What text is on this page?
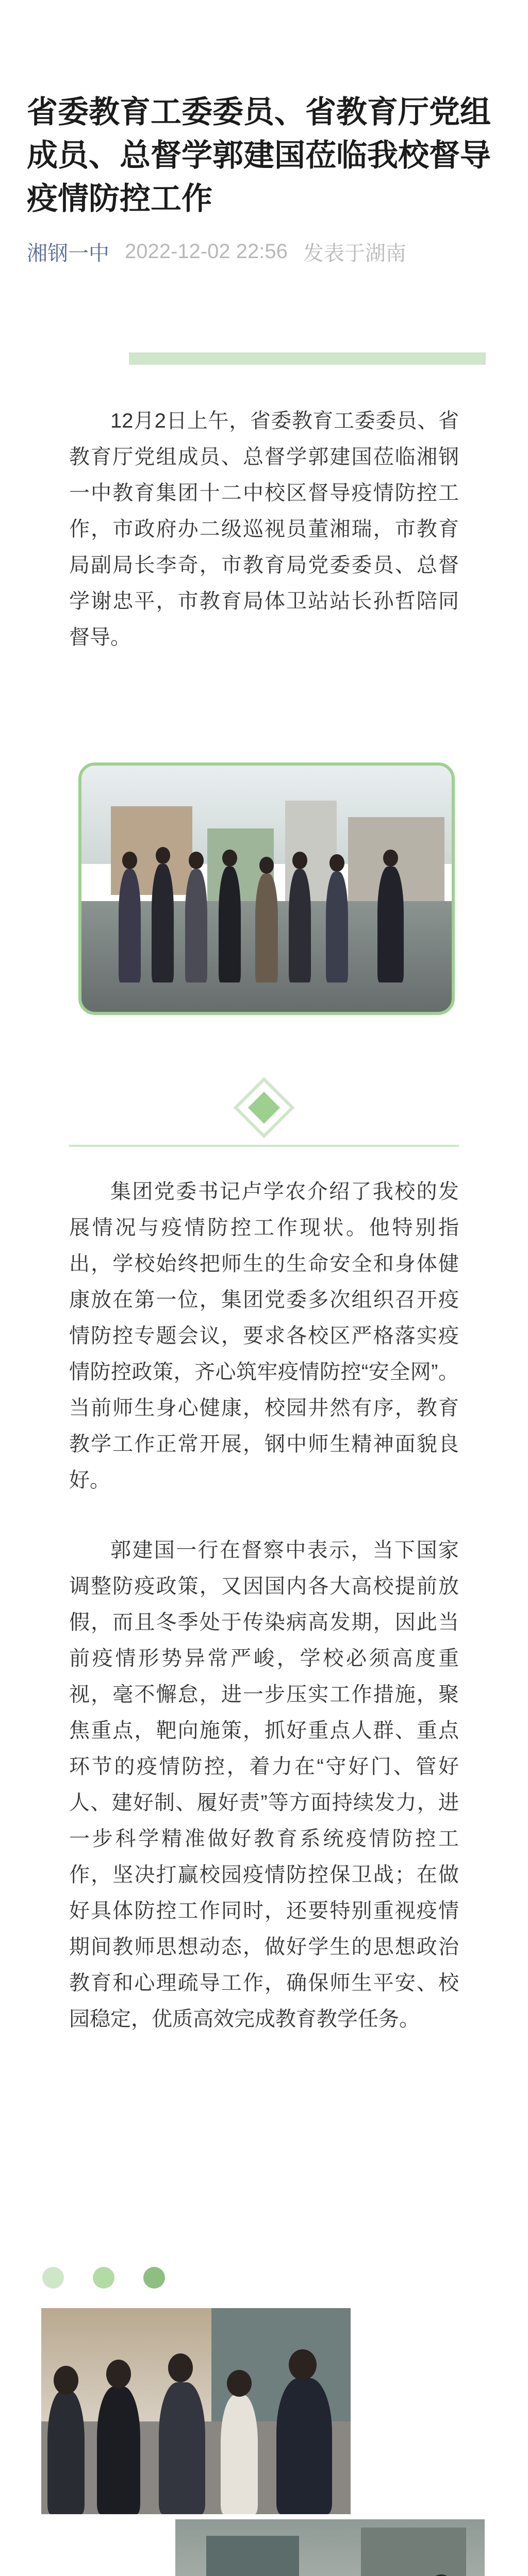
省委教育工委委员、省教育厅党组成员、总督学郭建国莅临我校督导疫情防控工作
湘钢一中 2022-12-02 22:56 发表于湖南

12月2日上午，省委教育工委委员、省教育厅党组成员、总督学郭建国莅临湘钢一中教育集团十二中校区督导疫情防控工作，市政府办二级巡视员董湘瑞，市教育局副局长李奇，市教育局党委委员、总督学谢忠平，市教育局体卫站站长孙哲陪同督导。

集团党委书记卢学农介绍了我校的发展情况与疫情防控工作现状。他特别指出，学校始终把师生的生命安全和身体健康放在第一位，集团党委多次组织召开疫情防控专题会议，要求各校区严格落实疫情防控政策，齐心筑牢疫情防控“安全网”。当前师生身心健康，校园井然有序，教育教学工作正常开展，钢中师生精神面貌良好。

郭建国一行在督察中表示，当下国家调整防疫政策，又因国内各大高校提前放假，而且冬季处于传染病高发期，因此当前疫情形势异常严峻，学校必须高度重视，毫不懈怠，进一步压实工作措施，聚焦重点，靶向施策，抓好重点人群、重点环节的疫情防控，着力在“守好门、管好人、建好制、履好责”等方面持续发力，进一步科学精准做好教育系统疫情防控工作，坚决打赢校园疫情防控保卫战；在做好具体防控工作同时，还要特别重视疫情期间教师思想动态，做好学生的思想政治教育和心理疏导工作，确保师生平安、校园稳定，优质高效完成教育教学任务。
